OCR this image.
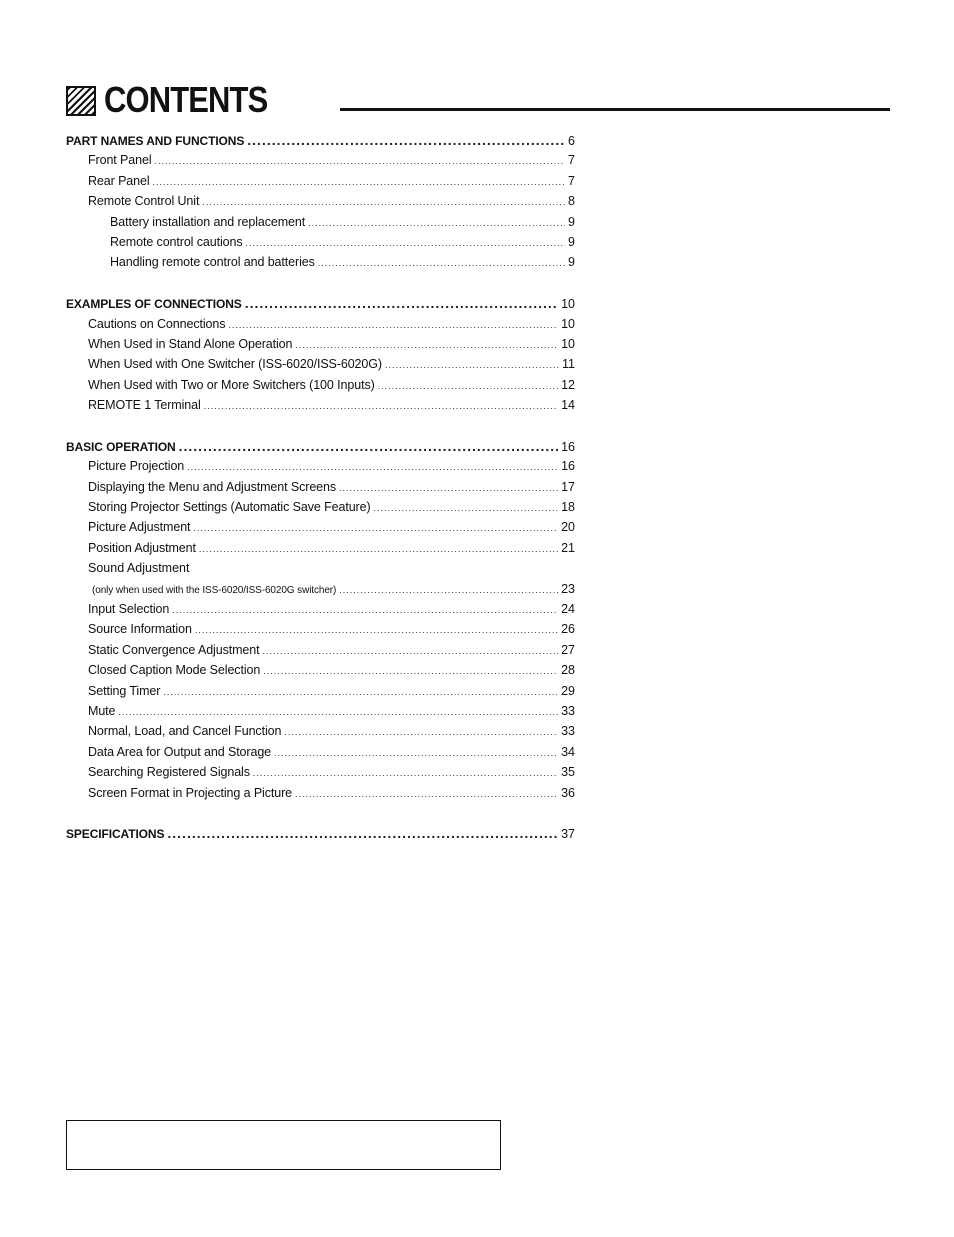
CONTENTS
PART NAMES AND FUNCTIONS .....	6
Front Panel .....	7
Rear Panel .....	7
Remote Control Unit .....	8
Battery installation and replacement .....	9
Remote control cautions .....	9
Handling remote control and batteries .....	9
EXAMPLES OF CONNECTIONS .....	10
Cautions on Connections .....	10
When Used in Stand Alone Operation .....	10
When Used with One Switcher (ISS-6020/ISS-6020G) .....	11
When Used with Two or More Switchers (100 Inputs) .....	12
REMOTE 1 Terminal .....	14
BASIC OPERATION .....	16
Picture Projection .....	16
Displaying the Menu and Adjustment Screens .....	17
Storing Projector Settings (Automatic Save Feature) .....	18
Picture Adjustment .....	20
Position Adjustment .....	21
Sound Adjustment
(only when used with the ISS-6020/ISS-6020G switcher) .....	23
Input Selection .....	24
Source Information .....	26
Static Convergence Adjustment .....	27
Closed Caption Mode Selection .....	28
Setting Timer .....	29
Mute .....	33
Normal, Load, and Cancel Function .....	33
Data Area for Output and Storage .....	34
Searching Registered Signals .....	35
Screen Format in Projecting a Picture .....	36
SPECIFICATIONS .....	37
